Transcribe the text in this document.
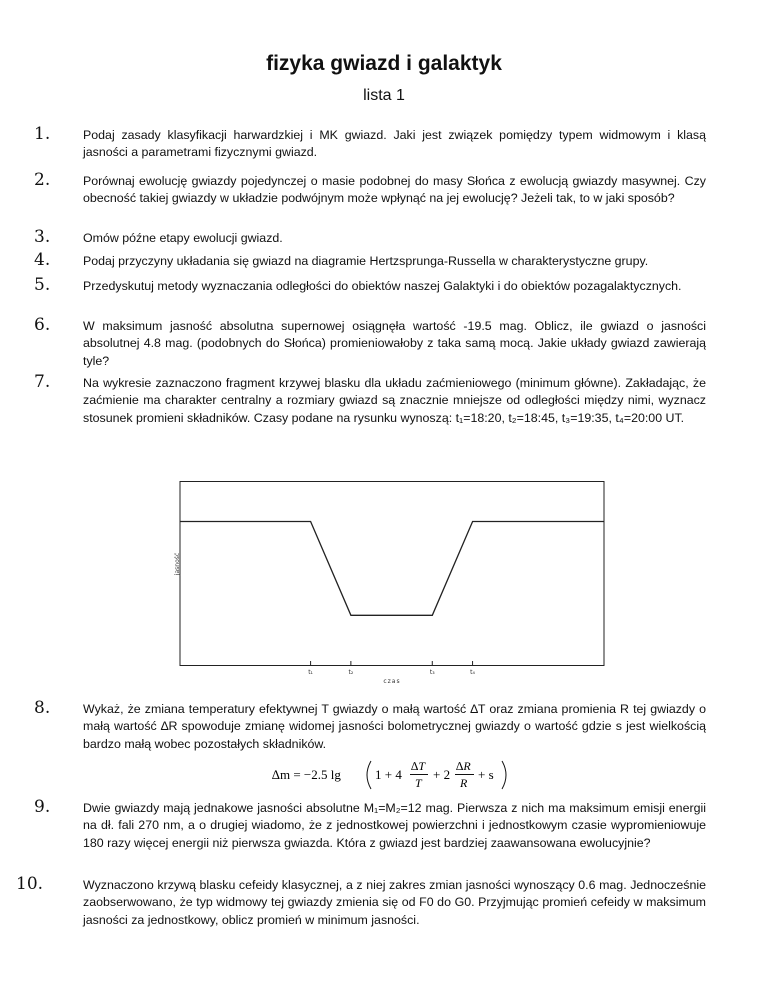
fizyka gwiazd i galaktyk
lista 1
1.	Podaj zasady klasyfikacji harwardzkiej i MK gwiazd. Jaki jest związek pomiędzy typem widmowym i klasą jasności a parametrami fizycznymi gwiazd.
2.	Porównaj ewolucję gwiazdy pojedynczej o masie podobnej do masy Słońca z ewolucją gwiazdy masywnej. Czy obecność takiej gwiazdy w układzie podwójnym może wpłynąć na jej ewolucję? Jeżeli tak, to w jaki sposób?
3.	Omów późne etapy ewolucji gwiazd.
4.	Podaj przyczyny układania się gwiazd na diagramie Hertzsprunga-Russella w charakterystyczne grupy.
5.	Przedyskutuj metody wyznaczania odległości do obiektów naszej Galaktyki i do obiektów pozagalaktycznych.
6.	W maksimum jasność absolutna supernowej osiągnęła wartość -19.5 mag. Oblicz, ile gwiazd o jasności absolutnej 4.8 mag. (podobnych do Słońca) promieniowałoby z taka samą mocą. Jakie układy gwiazd zawierają tyle?
7.	Na wykresie zaznaczono fragment krzywej blasku dla układu zaćmieniowego (minimum główne). Zakładając, że zaćmienie ma charakter centralny a rozmiary gwiazd są znacznie mniejsze od odległości między nimi, wyznacz stosunek promieni składników. Czasy podane na rysunku wynoszą: t₁=18:20, t₂=18:45, t₃=19:35, t₄=20:00 UT.
t₁	t₂	t₃	t₄
jasność
czas
8.	Wykaż, że zmiana temperatury efektywnej T gwiazdy o małą wartość ∆T oraz zmiana promienia R tej gwiazdy o małą wartość ∆R spowoduje zmianę widomej jasności bolometrycznej gwiazdy o wartość gdzie s jest wielkością bardzo małą wobec pozostałych składników.
∆m = −2.5 lg	1 + 4
∆T
T
+ 2
∆R
R
+ s
9.	Dwie gwiazdy mają jednakowe jasności absolutne M₁=M₂=12 mag. Pierwsza z nich ma maksimum emisji energii na dł. fali 270 nm, a o drugiej wiadomo, że z jednostkowej powierzchni i jednostkowym czasie wypromieniowuje 180 razy więcej energii niż pierwsza gwiazda. Która z gwiazd jest bardziej zaawansowana ewolucyjnie?
10.	Wyznaczono krzywą blasku cefeidy klasycznej, a z niej zakres zmian jasności wynoszący 0.6 mag. Jednocześnie zaobserwowano, że typ widmowy tej gwiazdy zmienia się od F0 do G0. Przyjmując promień cefeidy w maksimum jasności za jednostkowy, oblicz promień w minimum jasności.
